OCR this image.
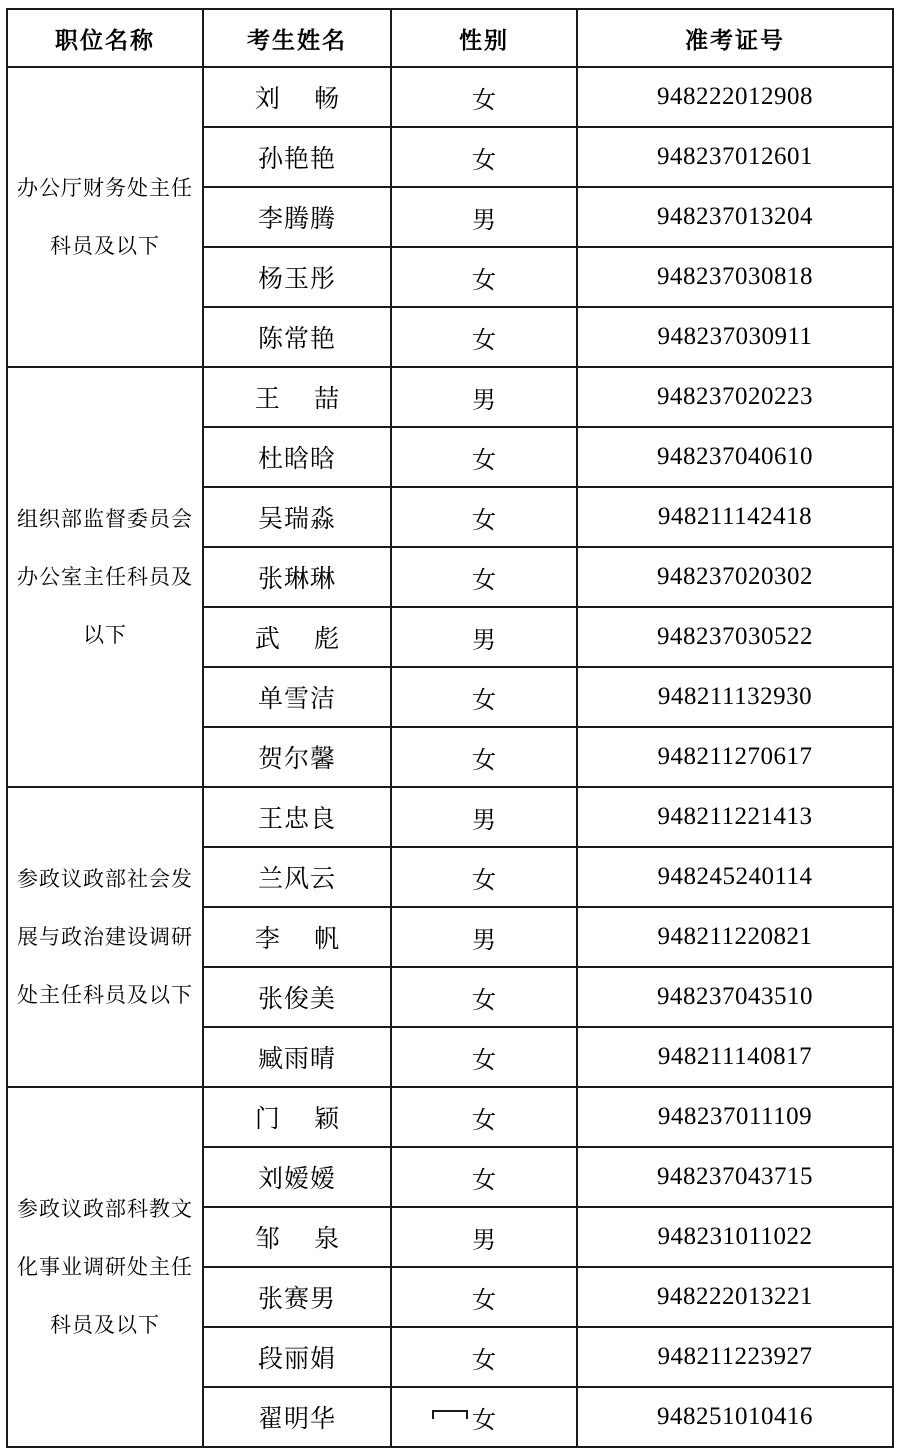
职位名称	考生姓名	性别	准考证号
办公厅财务处主任科员及以下	刘 畅	女	948222012908
	孙艳艳	女	948237012601
	李腾腾	男	948237013204
	杨玉彤	女	948237030818
	陈常艳	女	948237030911
组织部监督委员会办公室主任科员及以下	王 喆	男	948237020223
	杜晗晗	女	948237040610
	吴瑞淼	女	948211142418
	张琳琳	女	948237020302
	武 彪	男	948237030522
	单雪洁	女	948211132930
	贺尔馨	女	948211270617
参政议政部社会发展与政治建设调研处主任科员及以下	王忠良	男	948211221413
	兰风云	女	948245240114
	李 帆	男	948211220821
	张俊美	女	948237043510
	臧雨晴	女	948211140817
参政议政部科教文化事业调研处主任科员及以下	门 颖	女	948237011109
	刘嫒嫒	女	948237043715
	邹 泉	男	948231011022
	张赛男	女	948222013221
	段丽娟	女	948211223927
	翟明华	女	948251010416
